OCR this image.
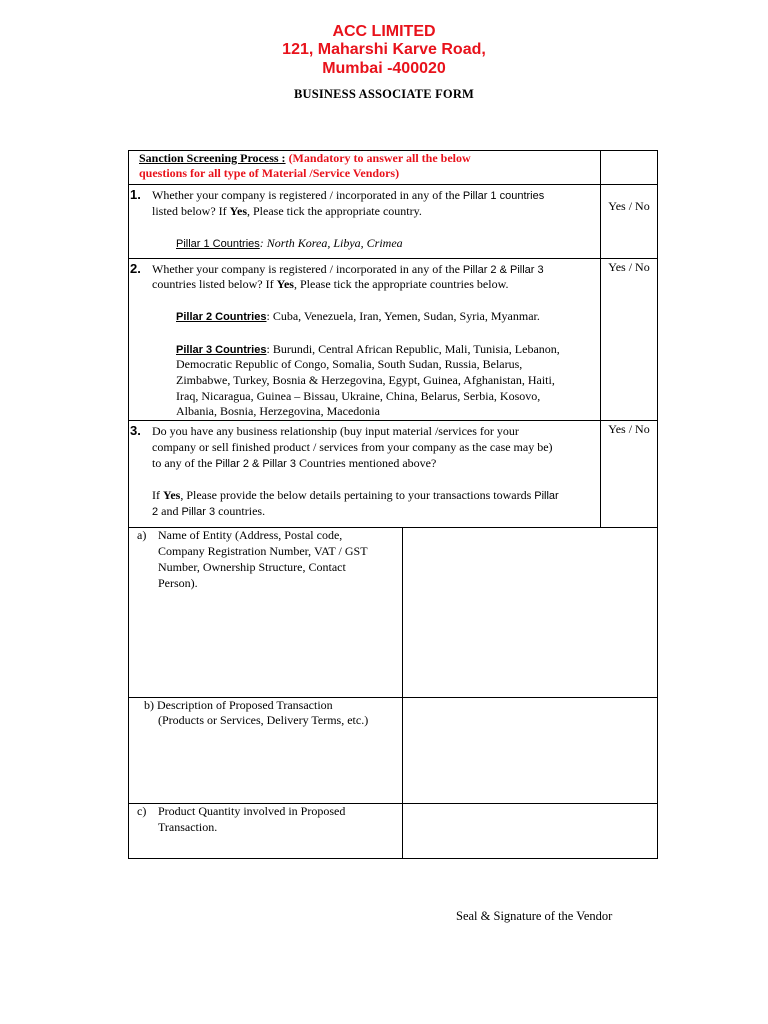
ACC LIMITED
121, Maharshi Karve Road,
Mumbai -400020
BUSINESS ASSOCIATE FORM
Sanction Screening Process : (Mandatory to answer all the below
questions for all type of Material /Service Vendors)
1. Whether your company is registered / incorporated in any of the Pillar 1 countries
listed below? If Yes, Please tick the appropriate country.
Pillar 1 Countries: North Korea, Libya, Crimea
Yes / No
2. Whether your company is registered / incorporated in any of the Pillar 2 & Pillar 3
countries listed below? If Yes, Please tick the appropriate countries below.
Pillar 2 Countries: Cuba, Venezuela, Iran, Yemen, Sudan, Syria, Myanmar.
Pillar 3 Countries: Burundi, Central African Republic, Mali, Tunisia, Lebanon,
Democratic Republic of Congo, Somalia, South Sudan, Russia, Belarus,
Zimbabwe, Turkey, Bosnia & Herzegovina, Egypt, Guinea, Afghanistan, Haiti,
Iraq, Nicaragua, Guinea – Bissau, Ukraine, China, Belarus, Serbia, Kosovo,
Albania, Bosnia, Herzegovina, Macedonia
Yes / No
3. Do you have any business relationship (buy input material /services for your
company or sell finished product / services from your company as the case may be)
to any of the Pillar 2 & Pillar 3 Countries mentioned above?
If Yes, Please provide the below details pertaining to your transactions towards Pillar
2 and Pillar 3 countries.
Yes / No
a) Name of Entity (Address, Postal code,
Company Registration Number, VAT / GST
Number, Ownership Structure, Contact
Person).
b) Description of Proposed Transaction
(Products or Services, Delivery Terms, etc.)
c) Product Quantity involved in Proposed
Transaction.
Seal & Signature of the Vendor
